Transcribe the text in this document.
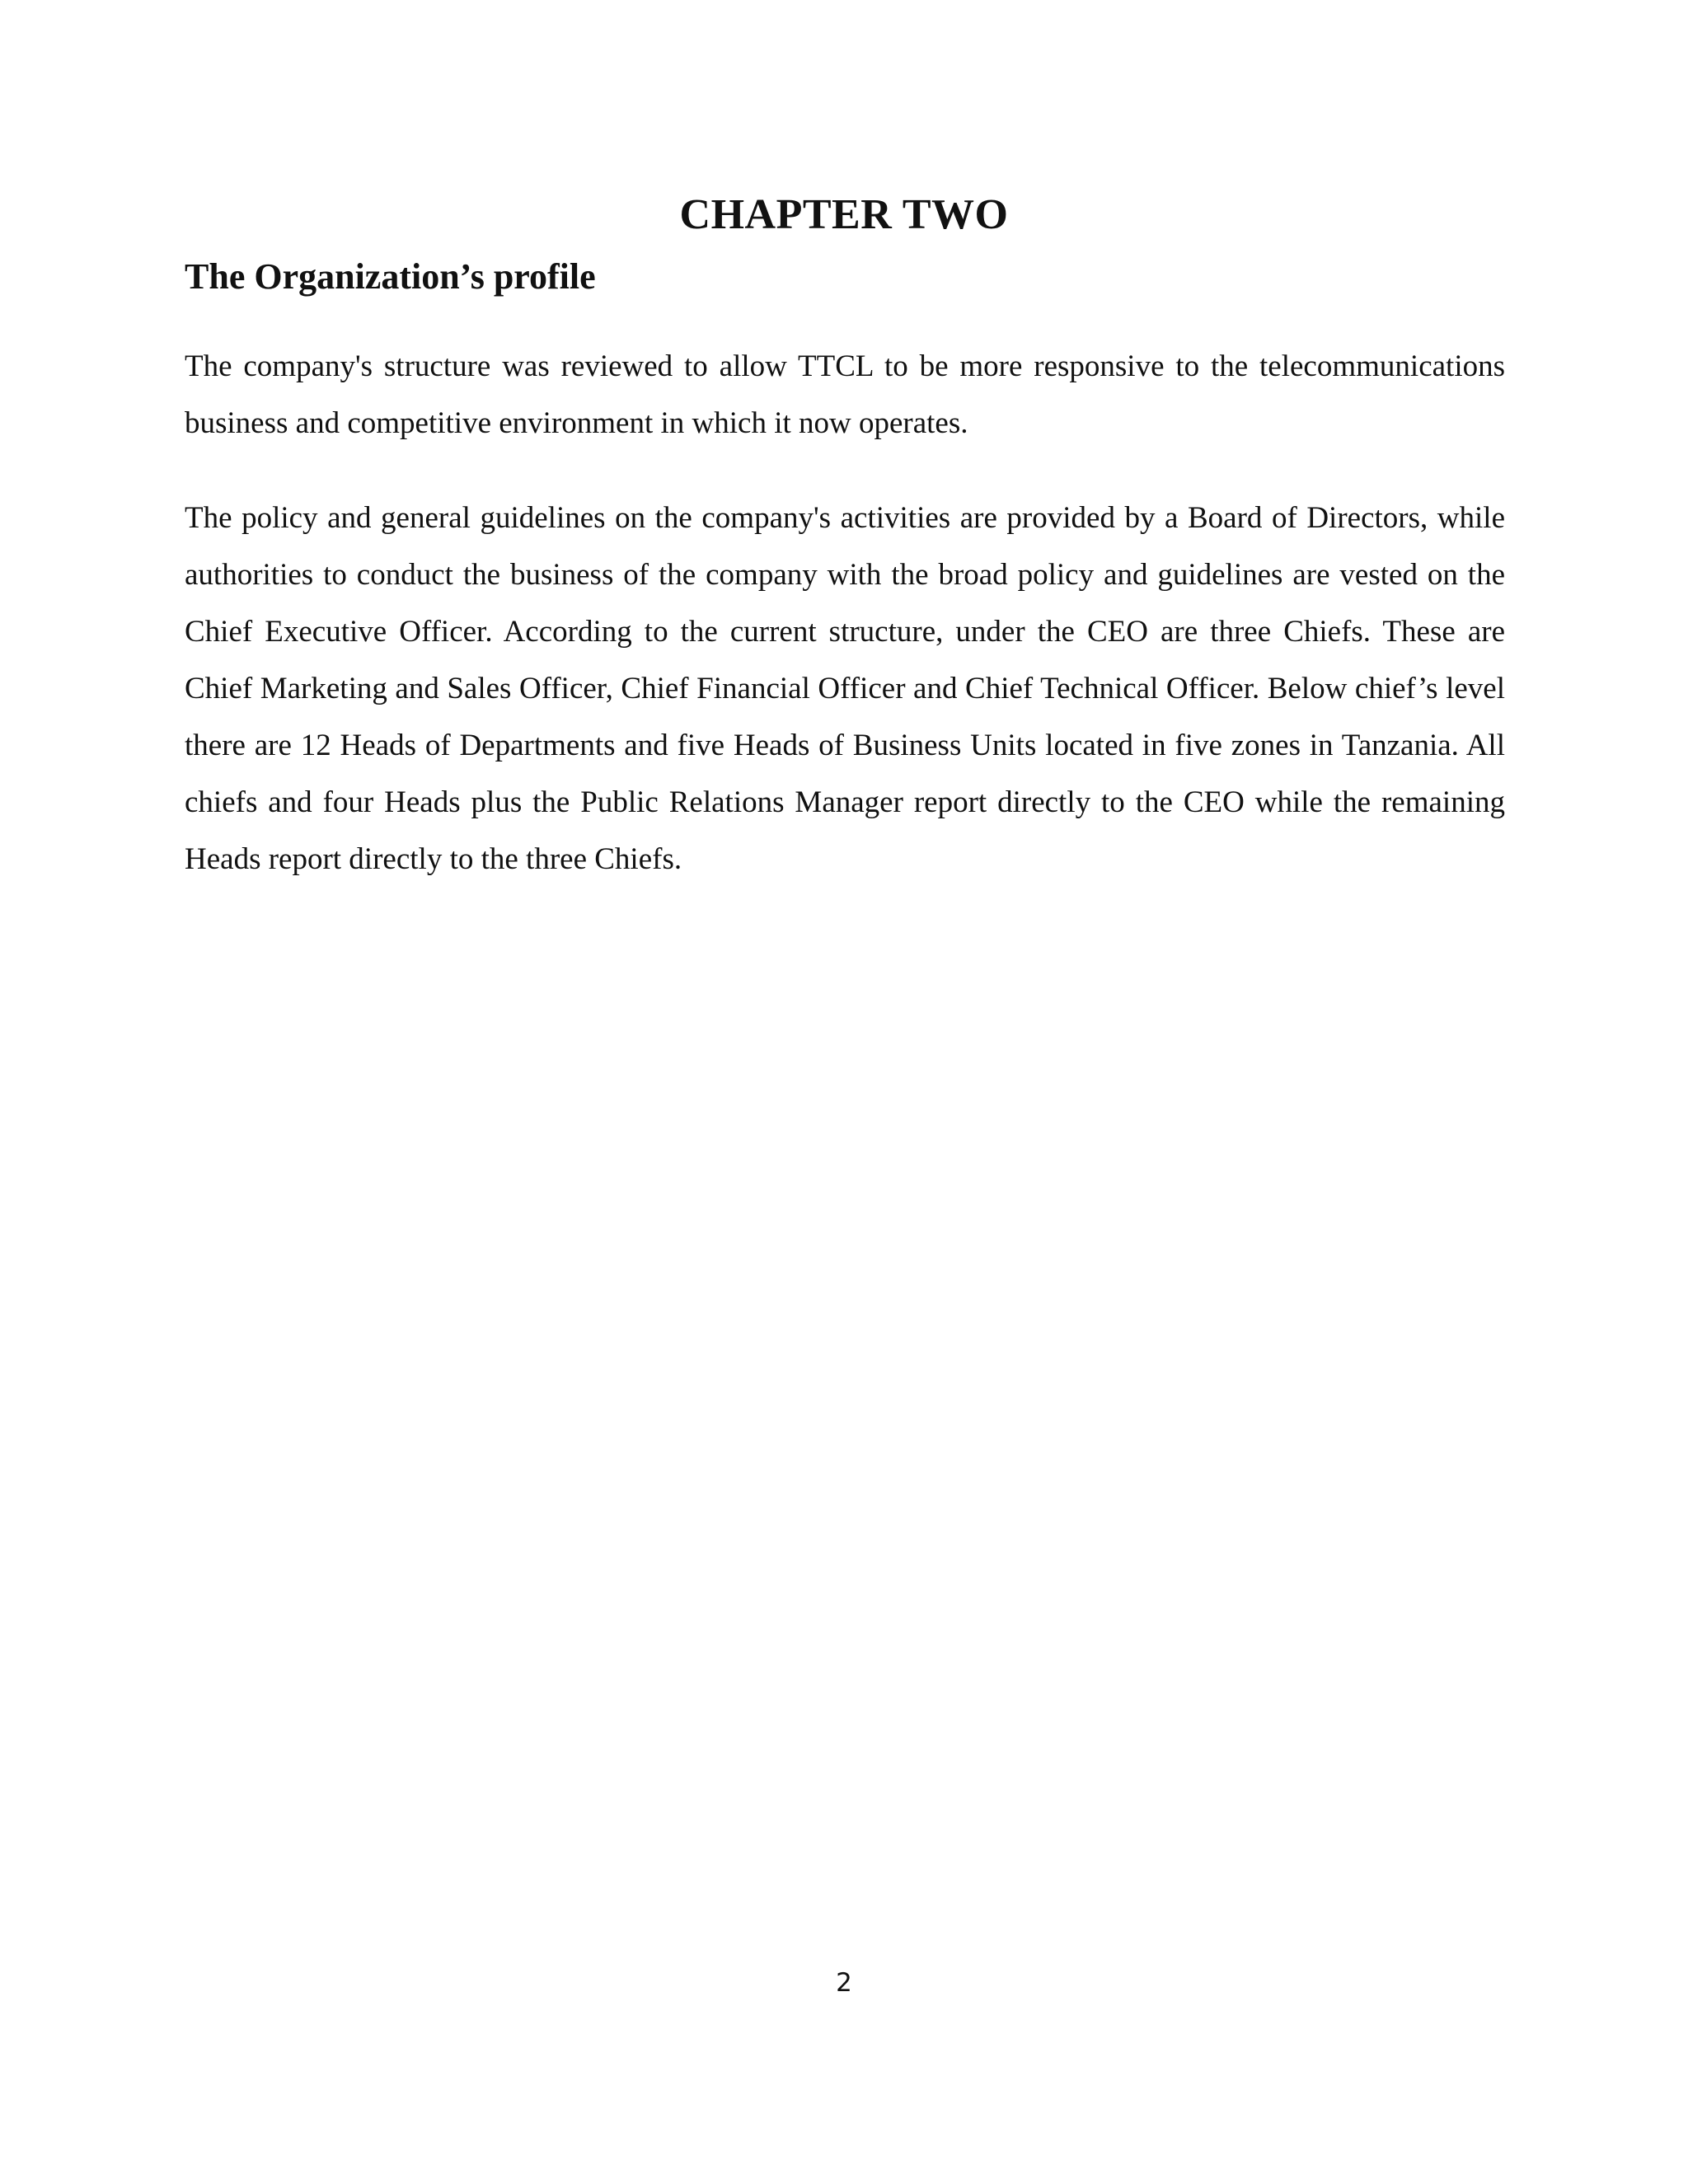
CHAPTER TWO
The Organization’s profile

The company's structure was reviewed to allow TTCL to be more responsive to the telecommunications business and competitive environment in which it now operates.

The policy and general guidelines on the company's activities are provided by a Board of Directors, while authorities to conduct the business of the company with the broad policy and guidelines are vested on the Chief Executive Officer. According to the current structure, under the CEO are three Chiefs. These are Chief Marketing and Sales Officer, Chief Financial Officer and Chief Technical Officer. Below chief’s level there are 12 Heads of Departments and five Heads of Business Units located in five zones in Tanzania. All chiefs and four Heads plus the Public Relations Manager report directly to the CEO while the remaining Heads report directly to the three Chiefs.

2
